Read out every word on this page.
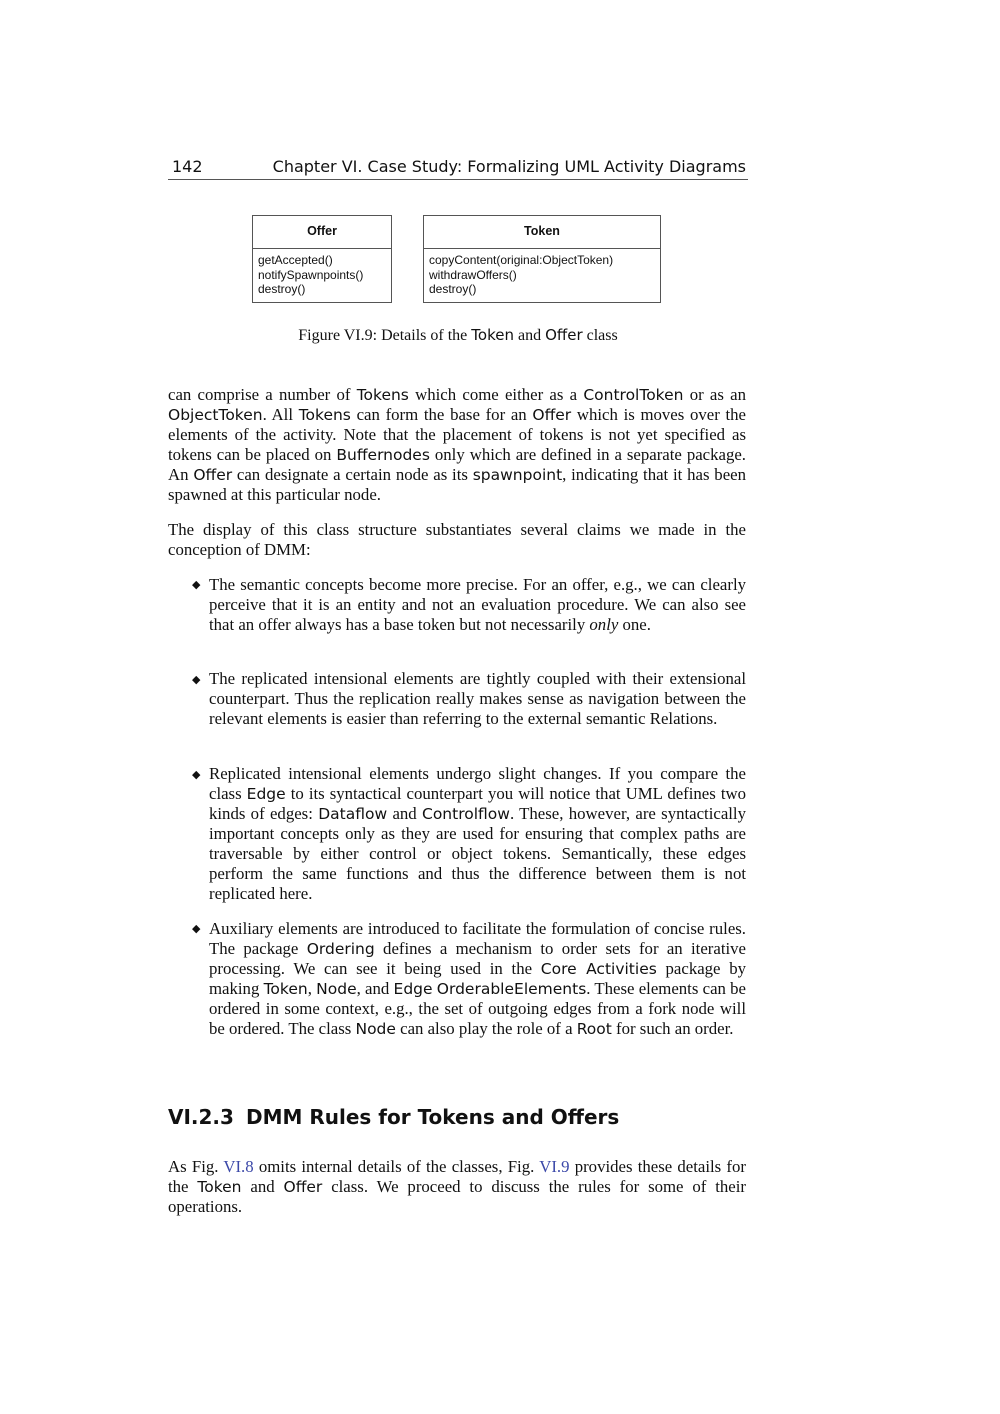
142	Chapter VI. Case Study: Formalizing UML Activity Diagrams
Offer
getAccepted()
notifySpawnpoints()
destroy()
Token
copyContent(original:ObjectToken)
withdrawOffers()
destroy()
Figure VI.9: Details of the Token and Offer class
can comprise a number of Tokens which come either as a ControlToken or as an ObjectToken. All Tokens can form the base for an Offer which is moves over the elements of the activity. Note that the placement of tokens is not yet specified as tokens can be placed on Buffernodes only which are defined in a separate package. An Offer can designate a certain node as its spawnpoint, indicating that it has been spawned at this particular node.
The display of this class structure substantiates several claims we made in the conception of DMM:
◆ The semantic concepts become more precise. For an offer, e.g., we can clearly perceive that it is an entity and not an evaluation procedure. We can also see that an offer always has a base token but not necessarily only one.
◆ The replicated intensional elements are tightly coupled with their extensional counterpart. Thus the replication really makes sense as navigation between the relevant elements is easier than referring to the external semantic Relations.
◆ Replicated intensional elements undergo slight changes. If you compare the class Edge to its syntactical counterpart you will notice that UML defines two kinds of edges: Dataflow and Controlflow. These, however, are syntactically important concepts only as they are used for ensuring that complex paths are traversable by either control or object tokens. Semantically, these edges perform the same functions and thus the difference between them is not replicated here.
◆ Auxiliary elements are introduced to facilitate the formulation of concise rules. The package Ordering defines a mechanism to order sets for an iterative processing. We can see it being used in the Core Activities package by making Token, Node, and Edge OrderableElements. These elements can be ordered in some context, e.g., the set of outgoing edges from a fork node will be ordered. The class Node can also play the role of a Root for such an order.
VI.2.3 DMM Rules for Tokens and Offers
As Fig. VI.8 omits internal details of the classes, Fig. VI.9 provides these details for the Token and Offer class. We proceed to discuss the rules for some of their operations.
